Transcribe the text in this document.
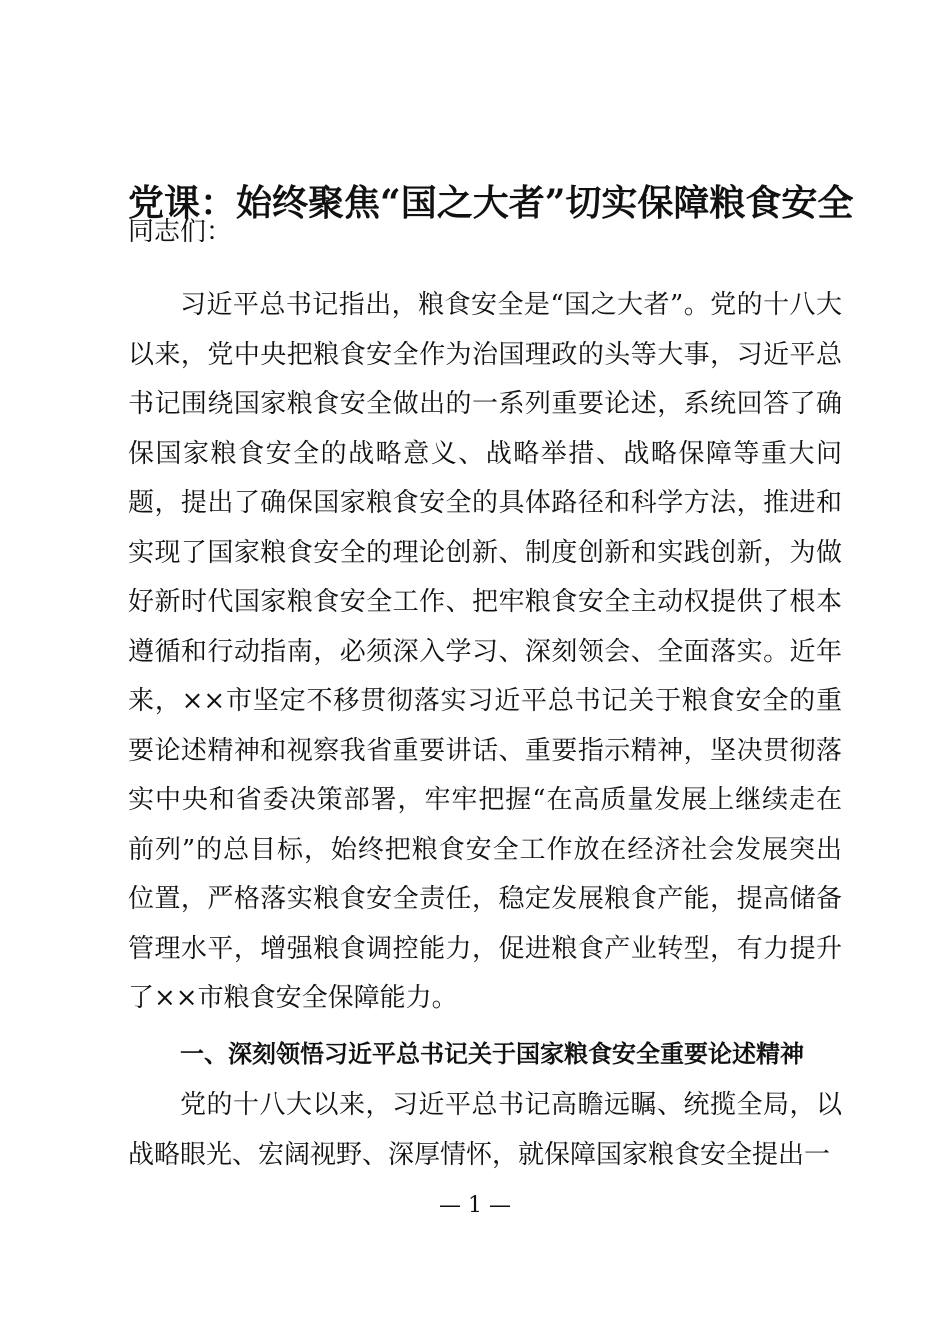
党课：始终聚焦“国之大者”切实保障粮食安全
同志们：
习近平总书记指出，粮食安全是“国之大者”。党的十八大以来，党中央把粮食安全作为治国理政的头等大事，习近平总书记围绕国家粮食安全做出的一系列重要论述，系统回答了确保国家粮食安全的战略意义、战略举措、战略保障等重大问题，提出了确保国家粮食安全的具体路径和科学方法，推进和实现了国家粮食安全的理论创新、制度创新和实践创新，为做好新时代国家粮食安全工作、把牢粮食安全主动权提供了根本遵循和行动指南，必须深入学习、深刻领会、全面落实。近年来，××市坚定不移贯彻落实习近平总书记关于粮食安全的重要论述精神和视察我省重要讲话、重要指示精神，坚决贯彻落实中央和省委决策部署，牢牢把握“在高质量发展上继续走在前列”的总目标，始终把粮食安全工作放在经济社会发展突出位置，严格落实粮食安全责任，稳定发展粮食产能，提高储备管理水平，增强粮食调控能力，促进粮食产业转型，有力提升了××市粮食安全保障能力。
一、深刻领悟习近平总书记关于国家粮食安全重要论述精神
党的十八大以来，习近平总书记高瞻远瞩、统揽全局，以战略眼光、宏阔视野、深厚情怀，就保障国家粮食安全提出一
— 1 —
